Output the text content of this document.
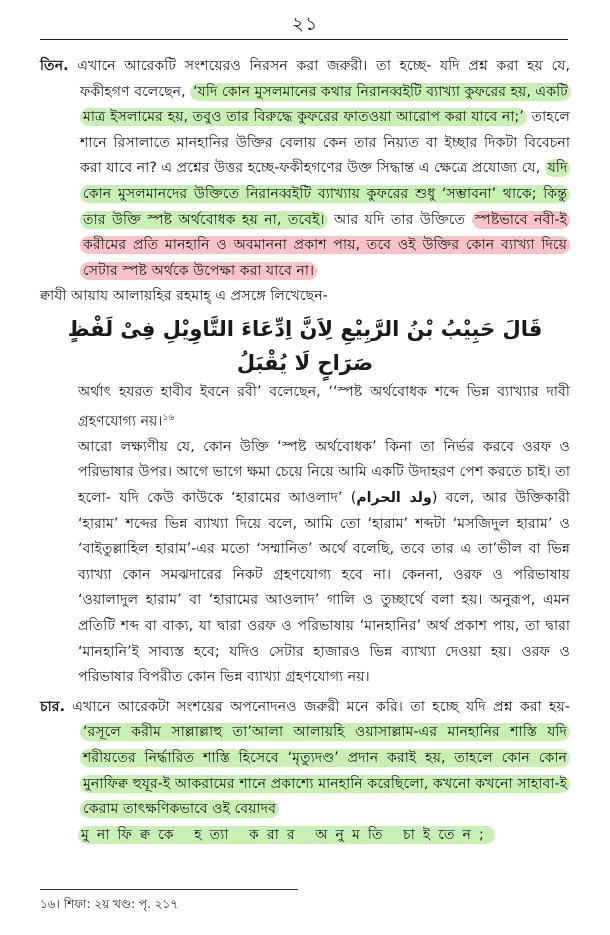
২১

তিন. এখানে আরেকটি সংশয়েরও নিরসন করা জরুরী। তা হচ্ছে- যদি প্রশ্ন করা হয় যে, ফকীহগণ বলেছেন, ‘যদি কোন মুসলমানের কথার নিরানব্বইটি ব্যাখ্যা কুফরের হয়, একটি মাত্র ইসলামের হয়, তবুও তার বিরুদ্ধে কুফরের ফাতওয়া আরোপ করা যাবে না;’ তাহলে শানে রিসালাতে মানহানির উক্তির বেলায় কেন তার নিয়্যত বা ইচ্ছার দিকটা বিবেচনা করা যাবে না? এ প্রশ্নের উত্তর হচ্ছে-ফকীহগণের উক্ত সিদ্ধান্ত এ ক্ষেত্রে প্রযোজ্য যে, যদি কোন মুসলমানদের উক্তিতে নিরানব্বইটি ব্যাখ্যায় কুফরের শুধু ‘সম্ভাবনা’ থাকে; কিন্তু তার উক্তি স্পষ্ট অর্থবোধক হয় না, তবেই। আর যদি তার উক্তিতে স্পষ্টভাবে নবী-ই করীমের প্রতি মানহানি ও অবমাননা প্রকাশ পায়, তবে ওই উক্তির কোন ব্যাখ্যা দিয়ে সেটার স্পষ্ট অর্থকে উপেক্ষা করা যাবে না।

ক্বাযী আয়ায আলায়হির রহমাহ্ এ প্রসঙ্গে লিখেছেন-

قَالَ حَبِیْبُ بْنُ الرَّبِیْعِ لِاَنَّ اِدِّعَاءَ التَّاوِیْلِ فِیْ لَفْظٍ صَرَاحٍ لَا یُقْبَلُ

অর্থাৎ হযরত হাবীব ইবনে রবী’ বলেছেন, ‘‘স্পষ্ট অর্থবোধক শব্দে ভিন্ন ব্যাখ্যার দাবী গ্রহণযোগ্য নয়।$^{১৬}$

আরো লক্ষ্যণীয় যে, কোন উক্তি ‘স্পষ্ট অর্থবোধক’ কিনা তা নির্ভর করবে ওরফ ও পরিভাষার উপর। আগে ভাগে ক্ষমা চেয়ে নিয়ে আমি একটি উদাহরণ পেশ করতে চাই। তা হলো- যদি কেউ কাউকে ‘হারামের আওলাদ’ (ولد الحرام) বলে, আর উক্তিকারী ‘হারাম’ শব্দের ভিন্ন ব্যাখ্যা দিয়ে বলে, আমি তো ‘হারাম’ শব্দটা ‘মসজিদুল হারাম’ ও ‘বাইতুল্লাহিল হারাম’-এর মতো ‘সম্মানিত’ অর্থে বলেছি, তবে তার এ তা’ভীল বা ভিন্ন ব্যাখ্যা কোন সমঝদারের নিকট গ্রহণযোগ্য হবে না। কেননা, ওরফ ও পরিভাষায় ‘ওয়ালাদুল হারাম’ বা ‘হারামের আওলাদ’ গালি ও তুচ্ছার্থে বলা হয়। অনুরূপ, এমন প্রতিটি শব্দ বা বাক্য, যা দ্বারা ওরফ ও পরিভাষায় ‘মানহানির’ অর্থ প্রকাশ পায়, তা দ্বারা ‘মানহানি’ই সাব্যস্ত হবে; যদিও সেটার হাজারও ভিন্ন ব্যাখ্যা দেওয়া হয়। ওরফ ও পরিভাষার বিপরীত কোন ভিন্ন ব্যাখ্যা গ্রহণযোগ্য নয়।

চার. এখানে আরেকটা সংশয়ের অপনোদনও জরুরী মনে করি। তা হচ্ছে যদি প্রশ্ন করা হয়- ‘রসূলে করীম সাল্লাল্লাহু তা’আলা আলায়হি ওয়াসাল্লাম-এর মানহানির শাস্তি যদি শরীয়তের নির্দ্ধারিত শাস্তি হিসেবে ‘মৃত্যুদণ্ড’ প্রদান করাই হয়, তাহলে কোন কোন মুনাফিক্ব হুযূর-ই আকরামের শানে প্রকাশ্যে মানহানি করেছিলো, কখনো কখনো সাহাবা-ই কেরাম তাৎক্ষণিকভাবে ওই বেয়াদব

মুনাফিক্বকে হত্যা করার অনুমতি চাইতেন;

১৬। শিফা: ২য় খণ্ড: পৃ. ২১৭
